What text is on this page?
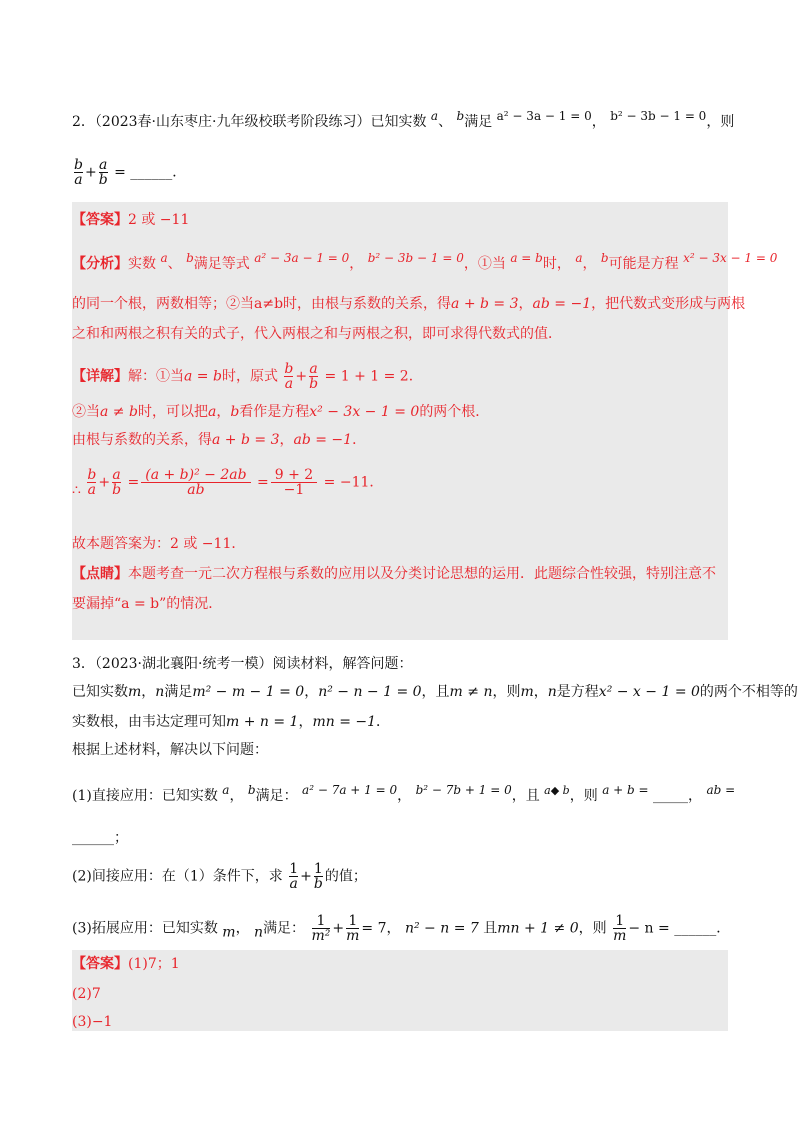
2．（2023春·山东枣庄·九年级校联考阶段练习）已知实数 a、 b满足 a² − 3a − 1 = 0， b² − 3b − 1 = 0，则
$\frac{b}{a} + \frac{a}{b}$ = ______．
【答案】2 或 −11
【分析】实数 a、 b满足等式 a² − 3a − 1 = 0， b² − 3b − 1 = 0，①当 a = b时， a， b可能是方程 x² − 3x − 1 = 0
的同一个根，两数相等；②当a≠b时，由根与系数的关系，得a + b = 3，ab = −1，把代数式变形成与两根
之和和两根之积有关的式子，代入两根之和与两根之积，即可求得代数式的值．
【详解】解：①当a = b时，原式 $\frac{b}{a} + \frac{a}{b} = 1 + 1 = 2$．
②当a ≠ b时，可以把a，b看作是方程x² − 3x − 1 = 0的两个根．
由根与系数的关系，得a + b = 3，ab = −1．
∴ $\frac{b}{a} + \frac{a}{b} = \frac{\text{(a + b)² − 2ab}}{ab} = \frac{9 + 2}{-1} = -11$．
故本题答案为：2 或 −11．
【点睛】本题考查一元二次方程根与系数的应用以及分类讨论思想的运用．此题综合性较强，特别注意不
要漏掉“a = b”的情况．
3．（2023·湖北襄阳·统考一模）阅读材料，解答问题：
已知实数m，n满足m² − m − 1 = 0，n² − n − 1 = 0，且m ≠ n，则m，n是方程x² − x − 1 = 0的两个不相等的
实数根，由韦达定理可知m + n = 1，mn = −1．
根据上述材料，解决以下问题：
(1)直接应用：已知实数 a， b满足： a² − 7a + 1 = 0， b² − 7b + 1 = 0，且 $^{a◆ b}$，则 a + b = _____， ab =
______；
(2)间接应用：在（1）条件下，求 $\frac{1}{a} + \frac{1}{b}$ 的值；
(3)拓展应用：已知实数 m， n满足： $\frac{1}{\text{m²}} + \frac{1}{m} = 7$， n² − n = 7 且mn + 1 ≠ 0，则 $\frac{1}{m} - n$ = ______．
【答案】(1)7；1
(2)7
(3)−1
